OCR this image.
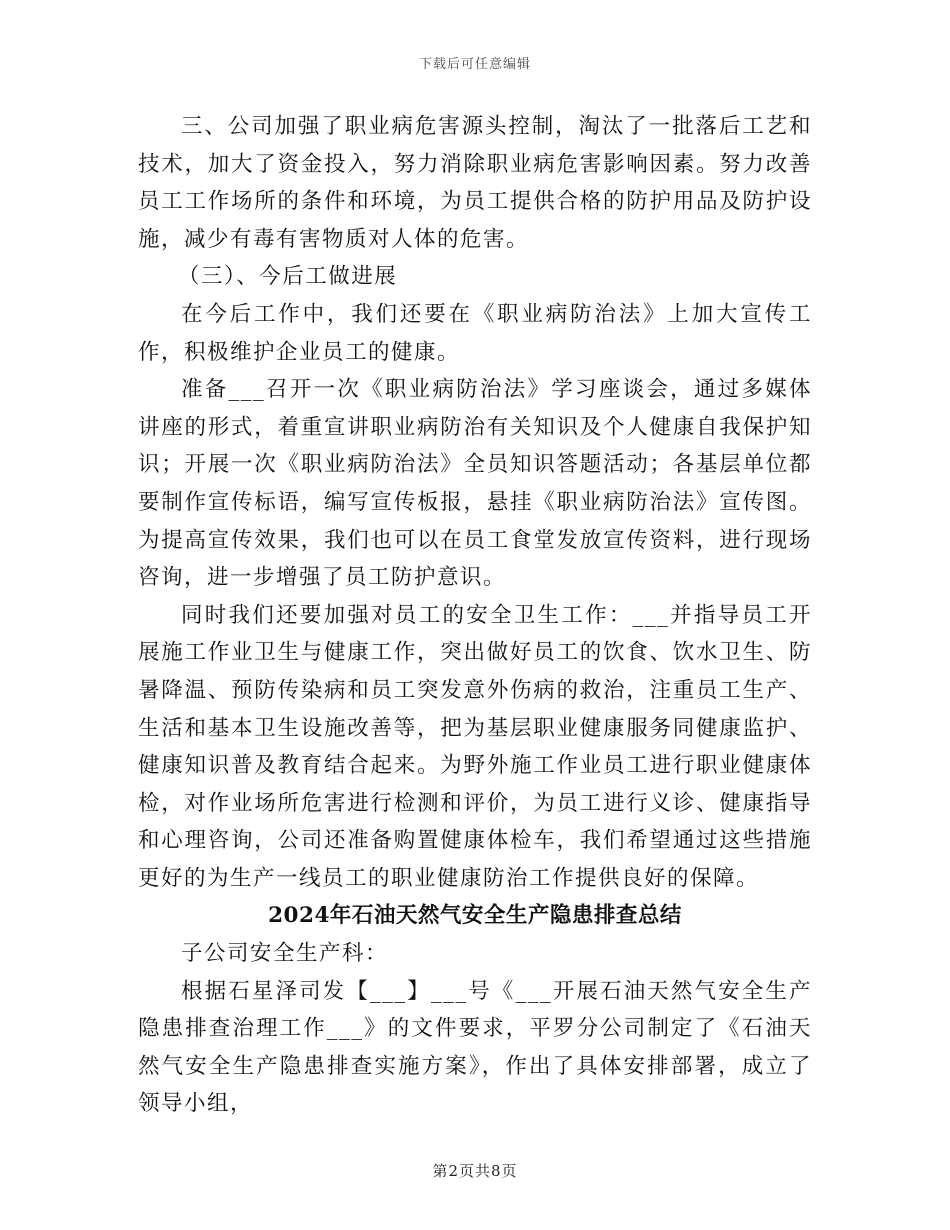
下载后可任意编辑

三、公司加强了职业病危害源头控制，淘汰了一批落后工艺和技术，加大了资金投入，努力消除职业病危害影响因素。努力改善员工工作场所的条件和环境，为员工提供合格的防护用品及防护设施，减少有毒有害物质对人体的危害。

（三）、今后工做进展

在今后工作中，我们还要在《职业病防治法》上加大宣传工作，积极维护企业员工的健康。

准备___召开一次《职业病防治法》学习座谈会，通过多媒体讲座的形式，着重宣讲职业病防治有关知识及个人健康自我保护知识；开展一次《职业病防治法》全员知识答题活动；各基层单位都要制作宣传标语，编写宣传板报，悬挂《职业病防治法》宣传图。为提高宣传效果，我们也可以在员工食堂发放宣传资料，进行现场咨询，进一步增强了员工防护意识。

同时我们还要加强对员工的安全卫生工作：___并指导员工开展施工作业卫生与健康工作，突出做好员工的饮食、饮水卫生、防暑降温、预防传染病和员工突发意外伤病的救治，注重员工生产、生活和基本卫生设施改善等，把为基层职业健康服务同健康监护、健康知识普及教育结合起来。为野外施工作业员工进行职业健康体检，对作业场所危害进行检测和评价，为员工进行义诊、健康指导和心理咨询，公司还准备购置健康体检车，我们希望通过这些措施更好的为生产一线员工的职业健康防治工作提供良好的保障。

2024年石油天然气安全生产隐患排查总结

子公司安全生产科：

根据石星泽司发【___】___号《___开展石油天然气安全生产隐患排查治理工作___》的文件要求，平罗分公司制定了《石油天然气安全生产隐患排查实施方案》，作出了具体安排部署，成立了领导小组，

第2页共8页
